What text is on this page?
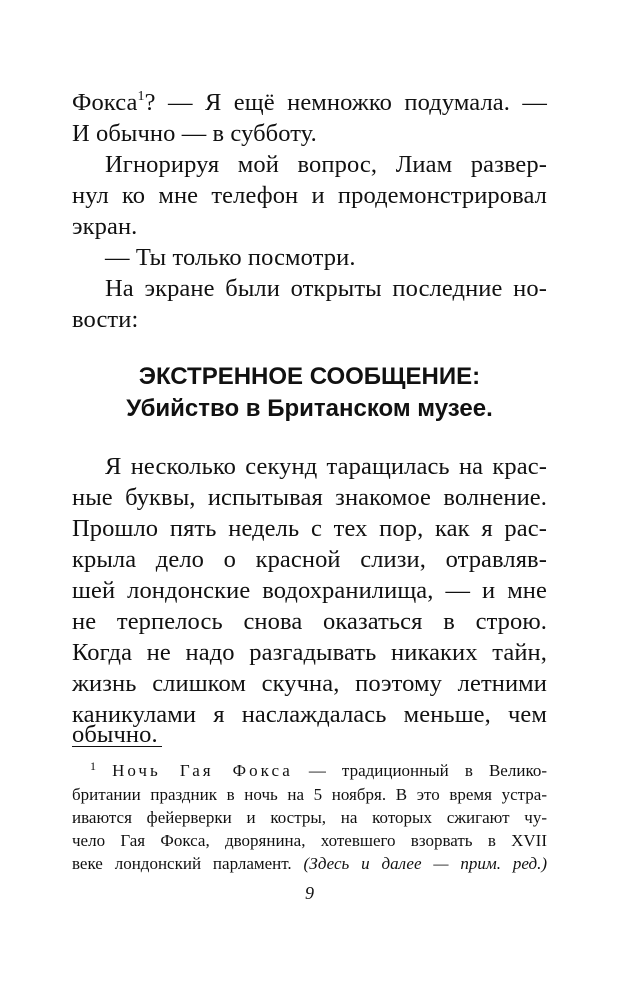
Фокса$^1$? — Я ещё немножко подумала. —
И обычно — в субботу.
Игнорируя мой вопрос, Лиам развер-
нул ко мне телефон и продемонстрировал
экран.
— Ты только посмотри.
На экране были открыты последние но-
вости:
ЭКСТРЕННОЕ СООБЩЕНИЕ:
Убийство в Британском музее.
Я несколько секунд таращилась на крас-
ные буквы, испытывая знакомое волнение.
Прошло пять недель с тех пор, как я рас-
крыла дело о красной слизи, отравляв-
шей лондонские водохранилища, — и мне
не терпелось снова оказаться в строю.
Когда не надо разгадывать никаких тайн,
жизнь слишком скучна, поэтому летними
каникулами я наслаждалась меньше, чем
обычно.
$^1$ Ночь Гая Фокса — традиционный в Велико-
британии праздник в ночь на 5 ноября. В это время устра-
иваются фейерверки и костры, на которых сжигают чу-
чело Гая Фокса, дворянина, хотевшего взорвать в XVII
веке лондонский парламент. (Здесь и далее — прим. ред.)
9
